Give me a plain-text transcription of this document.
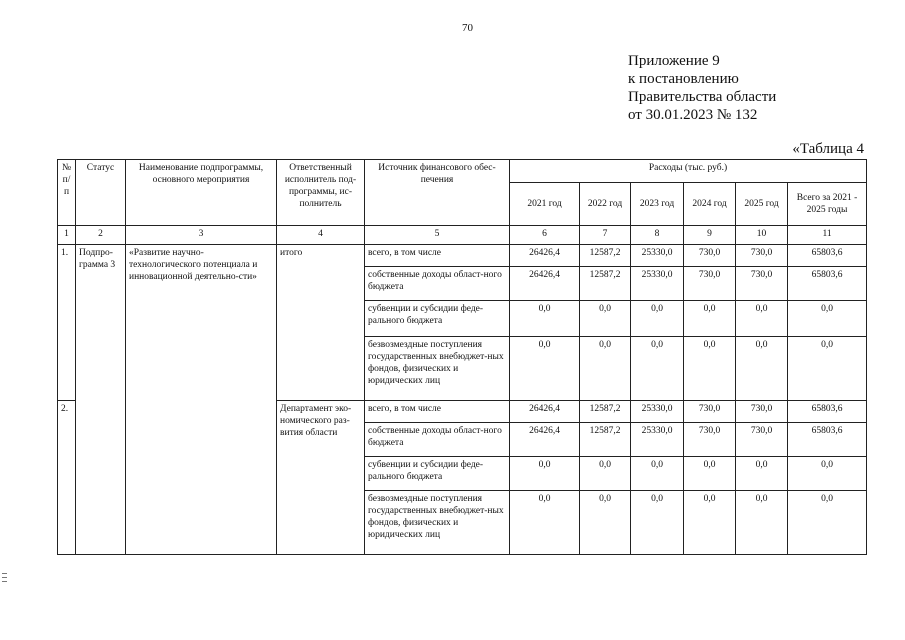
70
Приложение 9
к постановлению
Правительства области
от 30.01.2023 № 132
«Таблица 4
№ п/п	Статус	Наименование подпрограммы, основного мероприятия	Ответственный исполнитель под-программы, ис-полнитель	Источник финансового обес-печения	Расходы (тыс. руб.)					
					2021 год	2022 год	2023 год	2024 год	2025 год	Всего за 2021 - 2025 годы
1	2	3	4	5	6	7	8	9	10	11
1.	Подпро-грамма 3	«Развитие научно-технологического потенциала и инновационной деятельно-сти»	итого	всего, в том числе	26426,4	12587,2	25330,0	730,0	730,0	65803,6
				собственные доходы област-ного бюджета	26426,4	12587,2	25330,0	730,0	730,0	65803,6
				субвенции и субсидии феде-рального бюджета	0,0	0,0	0,0	0,0	0,0	0,0
				безвозмездные поступления государственных внебюджет-ных фондов, физических и юридических лиц	0,0	0,0	0,0	0,0	0,0	0,0
2.			Департамент эко-номического раз-вития области	всего, в том числе	26426,4	12587,2	25330,0	730,0	730,0	65803,6
				собственные доходы област-ного бюджета	26426,4	12587,2	25330,0	730,0	730,0	65803,6
				субвенции и субсидии феде-рального бюджета	0,0	0,0	0,0	0,0	0,0	0,0
				безвозмездные поступления государственных внебюджет-ных фондов, физических и юридических лиц	0,0	0,0	0,0	0,0	0,0	0,0
